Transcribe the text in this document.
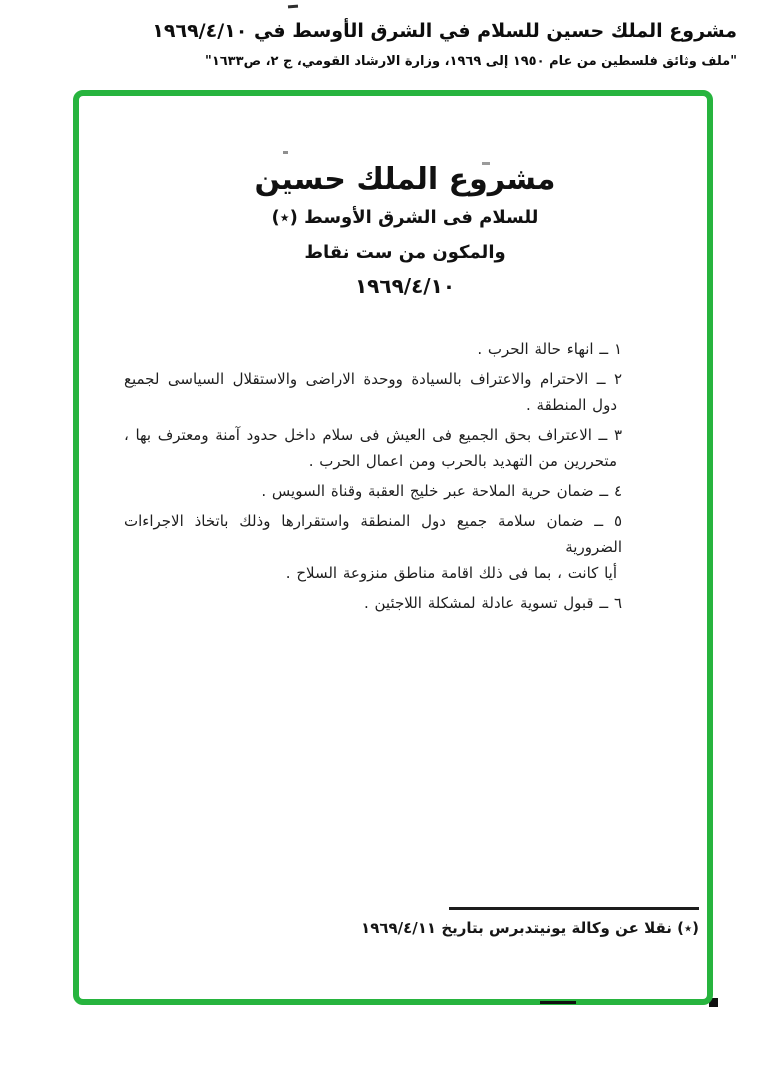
مشروع الملك حسين للسلام في الشرق الأوسط في ١٩٦٩/٤/١٠
"ملف وثائق فلسطين من عام ١٩٥٠ إلى ١٩٦٩، وزارة الارشاد القومي، ج ٢، ص١٦٣٣"
مشروع الملك حسين
للسلام فى الشرق الأوسط (٭)
والمكون من ست نقاط
١٩٦٩/٤/١٠
١ ــ انهاء حالة الحرب .
٢ ــ الاحترام والاعتراف بالسيادة ووحدة الاراضى والاستقلال السياسى لجميع
دول المنطقة .
٣ ــ الاعتراف بحق الجميع فى العيش فى سلام داخل حدود آمنة ومعترف بها ،
متحررين من التهديد بالحرب ومن اعمال الحرب .
٤ ــ ضمان حرية الملاحة عبر خليج العقبة وقناة السويس .
٥ ــ ضمان سلامة جميع دول المنطقة واستقرارها وذلك باتخاذ الاجراءات الضرورية
أيا كانت ، بما فى ذلك اقامة مناطق منزوعة السلاح .
٦ ــ قبول تسوية عادلة لمشكلة اللاجئين .
(٭) نقلا عن وكالة يونيتدبرس بتاريخ ١٩٦٩/٤/١١
